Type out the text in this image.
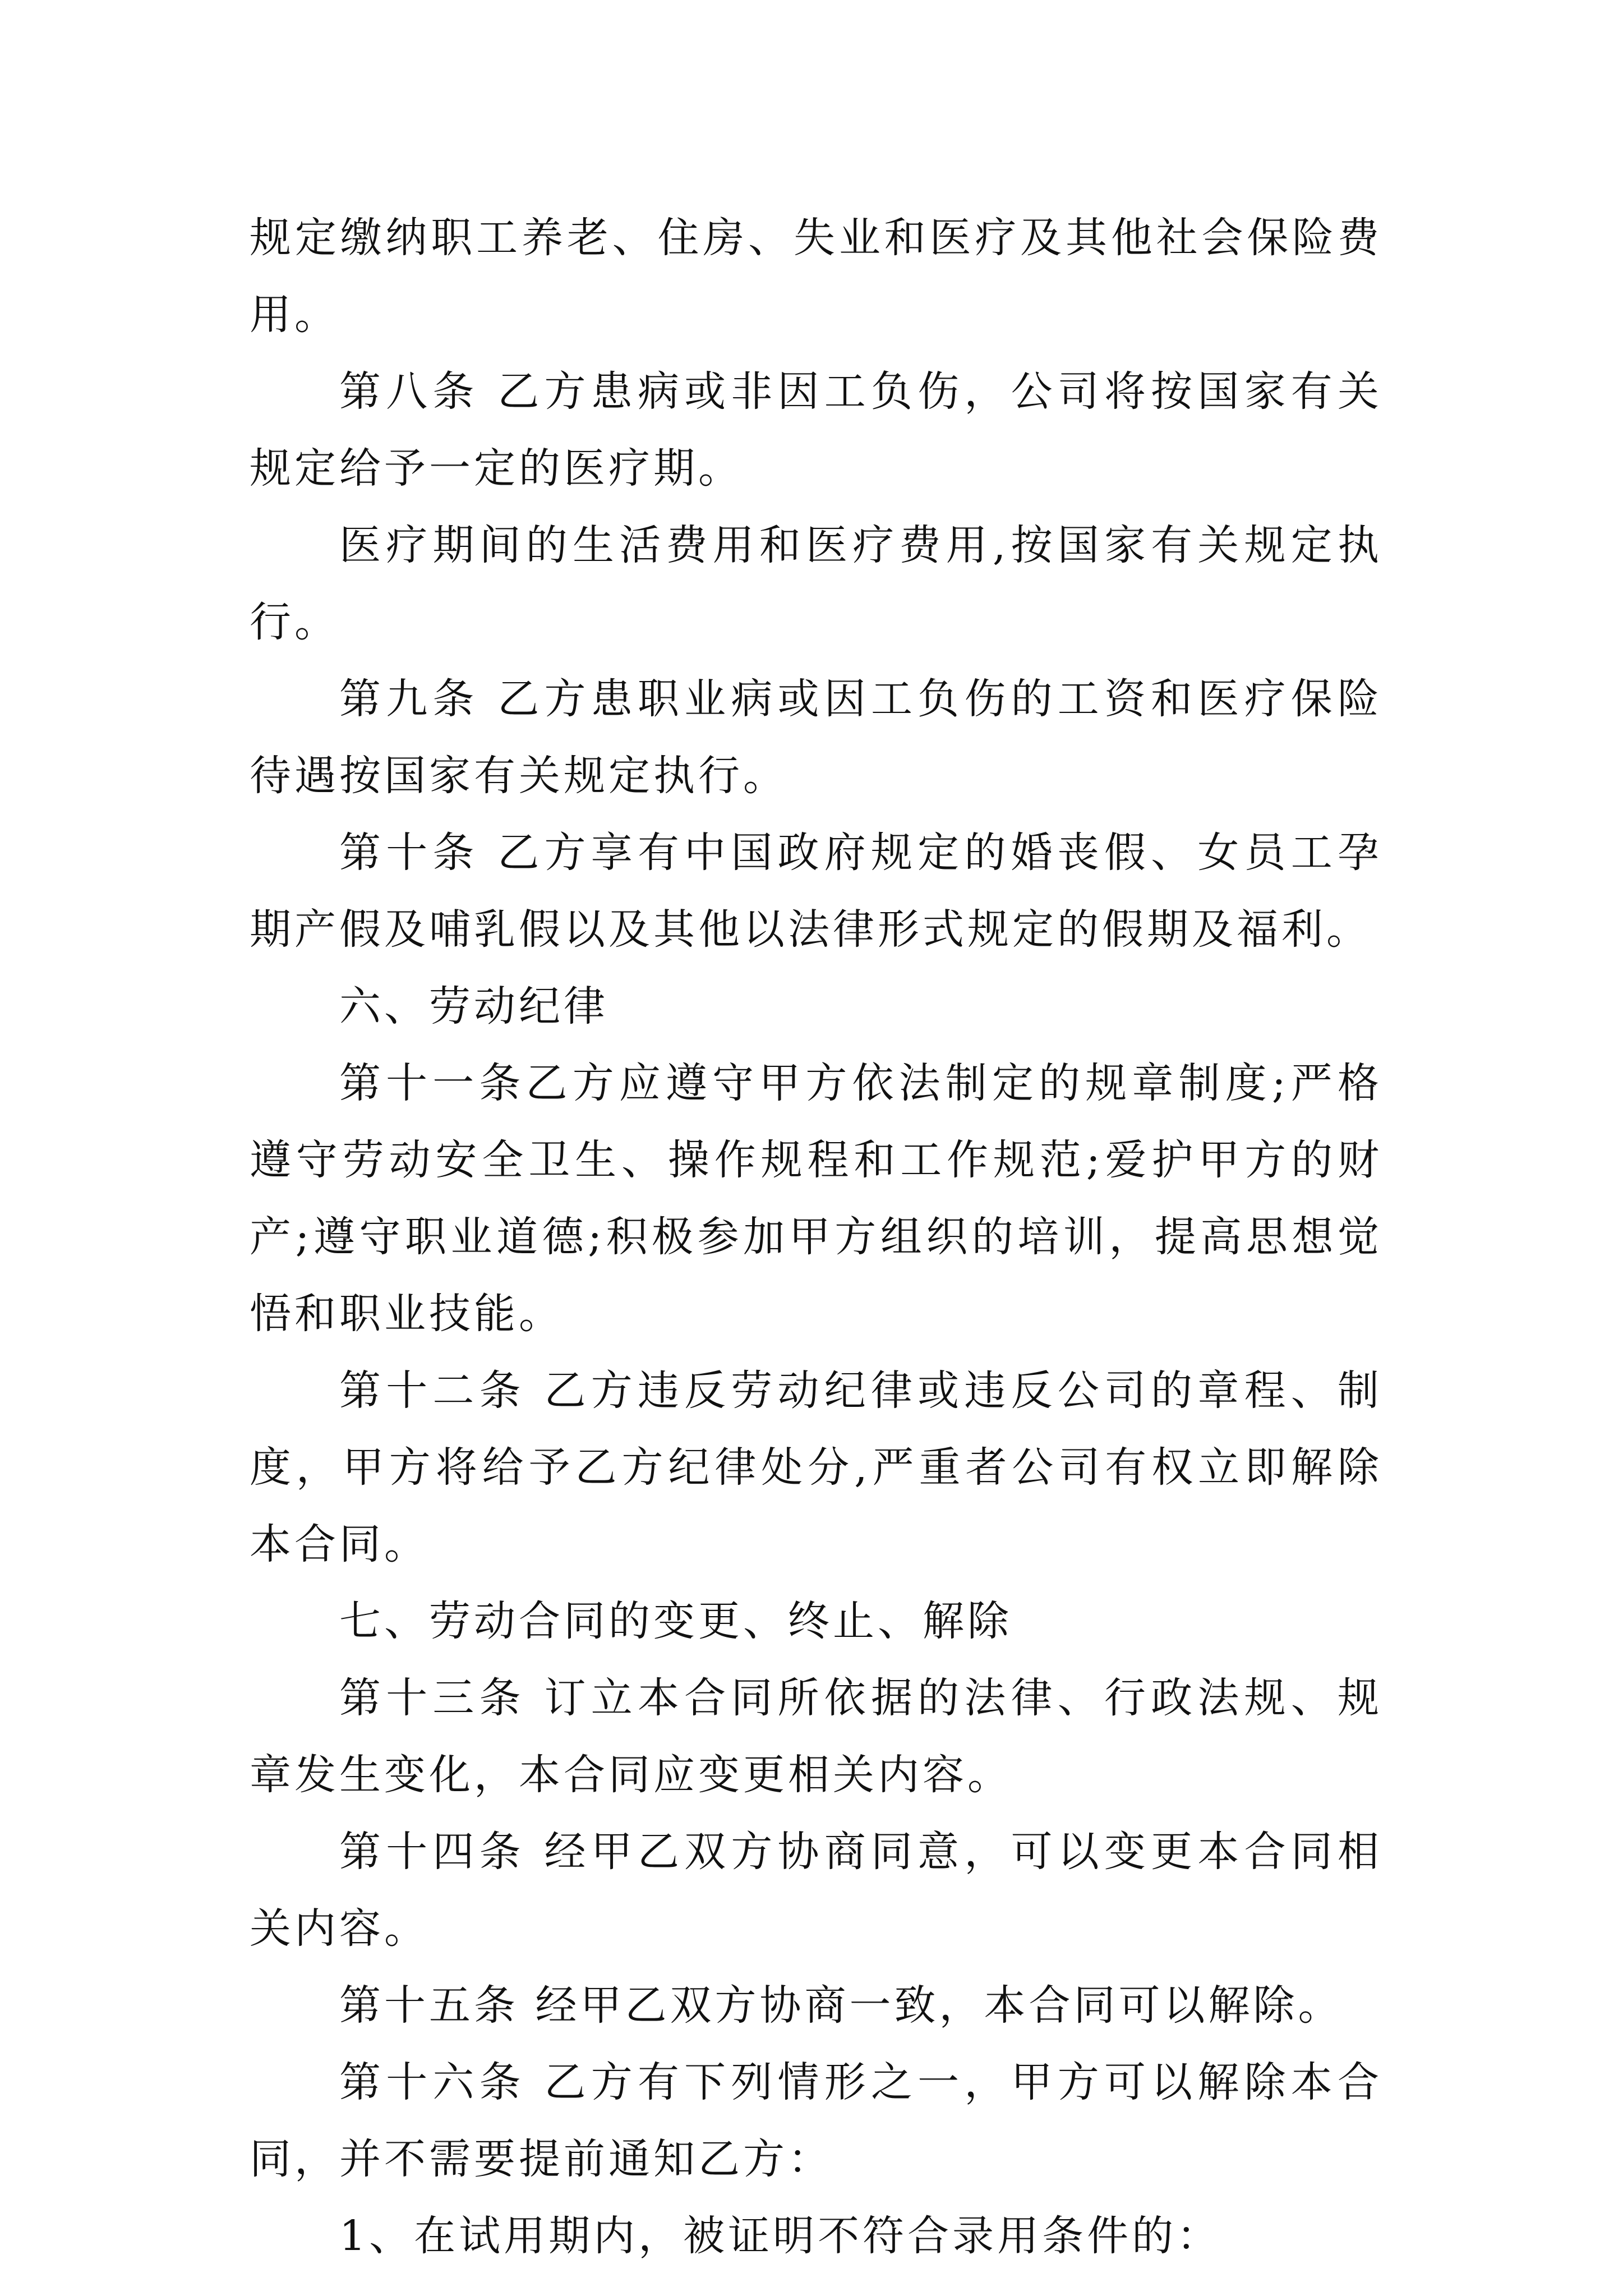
规定缴纳职工养老、住房、失业和医疗及其他社会保险费用。

第八条 乙方患病或非因工负伤，公司将按国家有关规定给予一定的医疗期。

医疗期间的生活费用和医疗费用,按国家有关规定执行。

第九条 乙方患职业病或因工负伤的工资和医疗保险待遇按国家有关规定执行。

第十条 乙方享有中国政府规定的婚丧假、女员工孕期产假及哺乳假以及其他以法律形式规定的假期及福利。

六、劳动纪律

第十一条乙方应遵守甲方依法制定的规章制度;严格遵守劳动安全卫生、操作规程和工作规范;爱护甲方的财产;遵守职业道德;积极参加甲方组织的培训，提高思想觉悟和职业技能。

第十二条 乙方违反劳动纪律或违反公司的章程、制度，甲方将给予乙方纪律处分,严重者公司有权立即解除本合同。

七、劳动合同的变更、终止、解除

第十三条 订立本合同所依据的法律、行政法规、规章发生变化，本合同应变更相关内容。

第十四条 经甲乙双方协商同意，可以变更本合同相关内容。

第十五条 经甲乙双方协商一致，本合同可以解除。

第十六条 乙方有下列情形之一，甲方可以解除本合同，并不需要提前通知乙方：

1、在试用期内，被证明不符合录用条件的：
